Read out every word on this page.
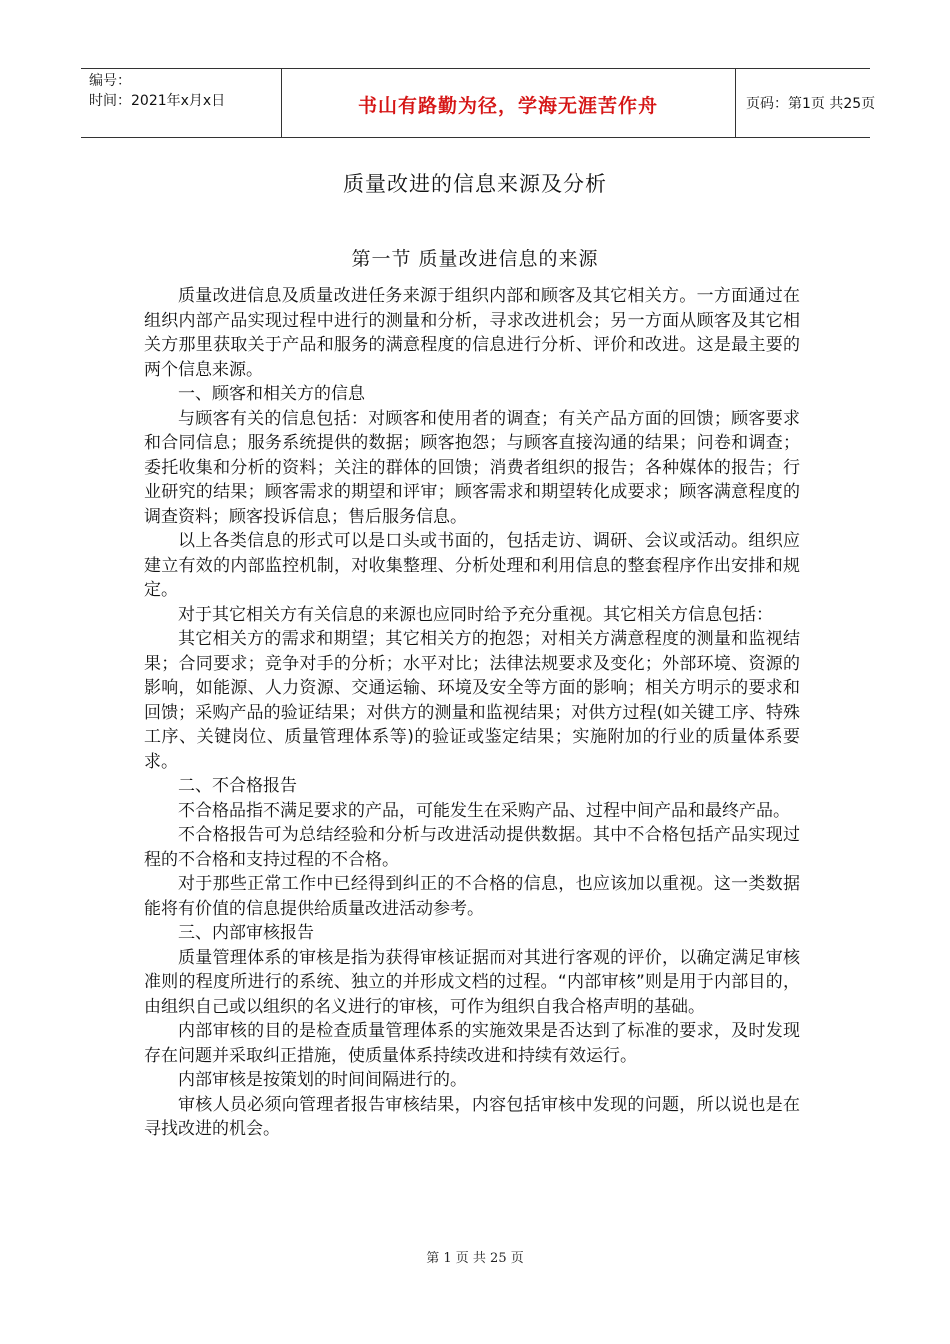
编号：
时间：2021年x月x日	书山有路勤为径，学海无涯苦作舟	页码：第1页 共25页
质量改进的信息来源及分析
第一节 质量改进信息的来源

质量改进信息及质量改进任务来源于组织内部和顾客及其它相关方。一方面通过在组织内部产品实现过程中进行的测量和分析，寻求改进机会；另一方面从顾客及其它相关方那里获取关于产品和服务的满意程度的信息进行分析、评价和改进。这是最主要的两个信息来源。

一、顾客和相关方的信息

与顾客有关的信息包括：对顾客和使用者的调查；有关产品方面的回馈；顾客要求和合同信息；服务系统提供的数据；顾客抱怨；与顾客直接沟通的结果；问卷和调查；委托收集和分析的资料；关注的群体的回馈；消费者组织的报告；各种媒体的报告；行业研究的结果；顾客需求的期望和评审；顾客需求和期望转化成要求；顾客满意程度的调查资料；顾客投诉信息；售后服务信息。

以上各类信息的形式可以是口头或书面的，包括走访、调研、会议或活动。组织应建立有效的内部监控机制，对收集整理、分析处理和利用信息的整套程序作出安排和规定。

对于其它相关方有关信息的来源也应同时给予充分重视。其它相关方信息包括：

其它相关方的需求和期望；其它相关方的抱怨；对相关方满意程度的测量和监视结果；合同要求；竞争对手的分析；水平对比；法律法规要求及变化；外部环境、资源的影响，如能源、人力资源、交通运输、环境及安全等方面的影响；相关方明示的要求和回馈；采购产品的验证结果；对供方的测量和监视结果；对供方过程(如关键工序、特殊工序、关键岗位、质量管理体系等)的验证或鉴定结果；实施附加的行业的质量体系要求。

二、不合格报告

不合格品指不满足要求的产品，可能发生在采购产品、过程中间产品和最终产品。

不合格报告可为总结经验和分析与改进活动提供数据。其中不合格包括产品实现过程的不合格和支持过程的不合格。

对于那些正常工作中已经得到纠正的不合格的信息，也应该加以重视。这一类数据能将有价值的信息提供给质量改进活动参考。

三、内部审核报告

质量管理体系的审核是指为获得审核证据而对其进行客观的评价，以确定满足审核准则的程度所进行的系统、独立的并形成文档的过程。“内部审核”则是用于内部目的，由组织自己或以组织的名义进行的审核，可作为组织自我合格声明的基础。

内部审核的目的是检查质量管理体系的实施效果是否达到了标准的要求，及时发现存在问题并采取纠正措施，使质量体系持续改进和持续有效运行。

内部审核是按策划的时间间隔进行的。

审核人员必须向管理者报告审核结果，内容包括审核中发现的问题，所以说也是在寻找改进的机会。

第 1 页 共 25 页
